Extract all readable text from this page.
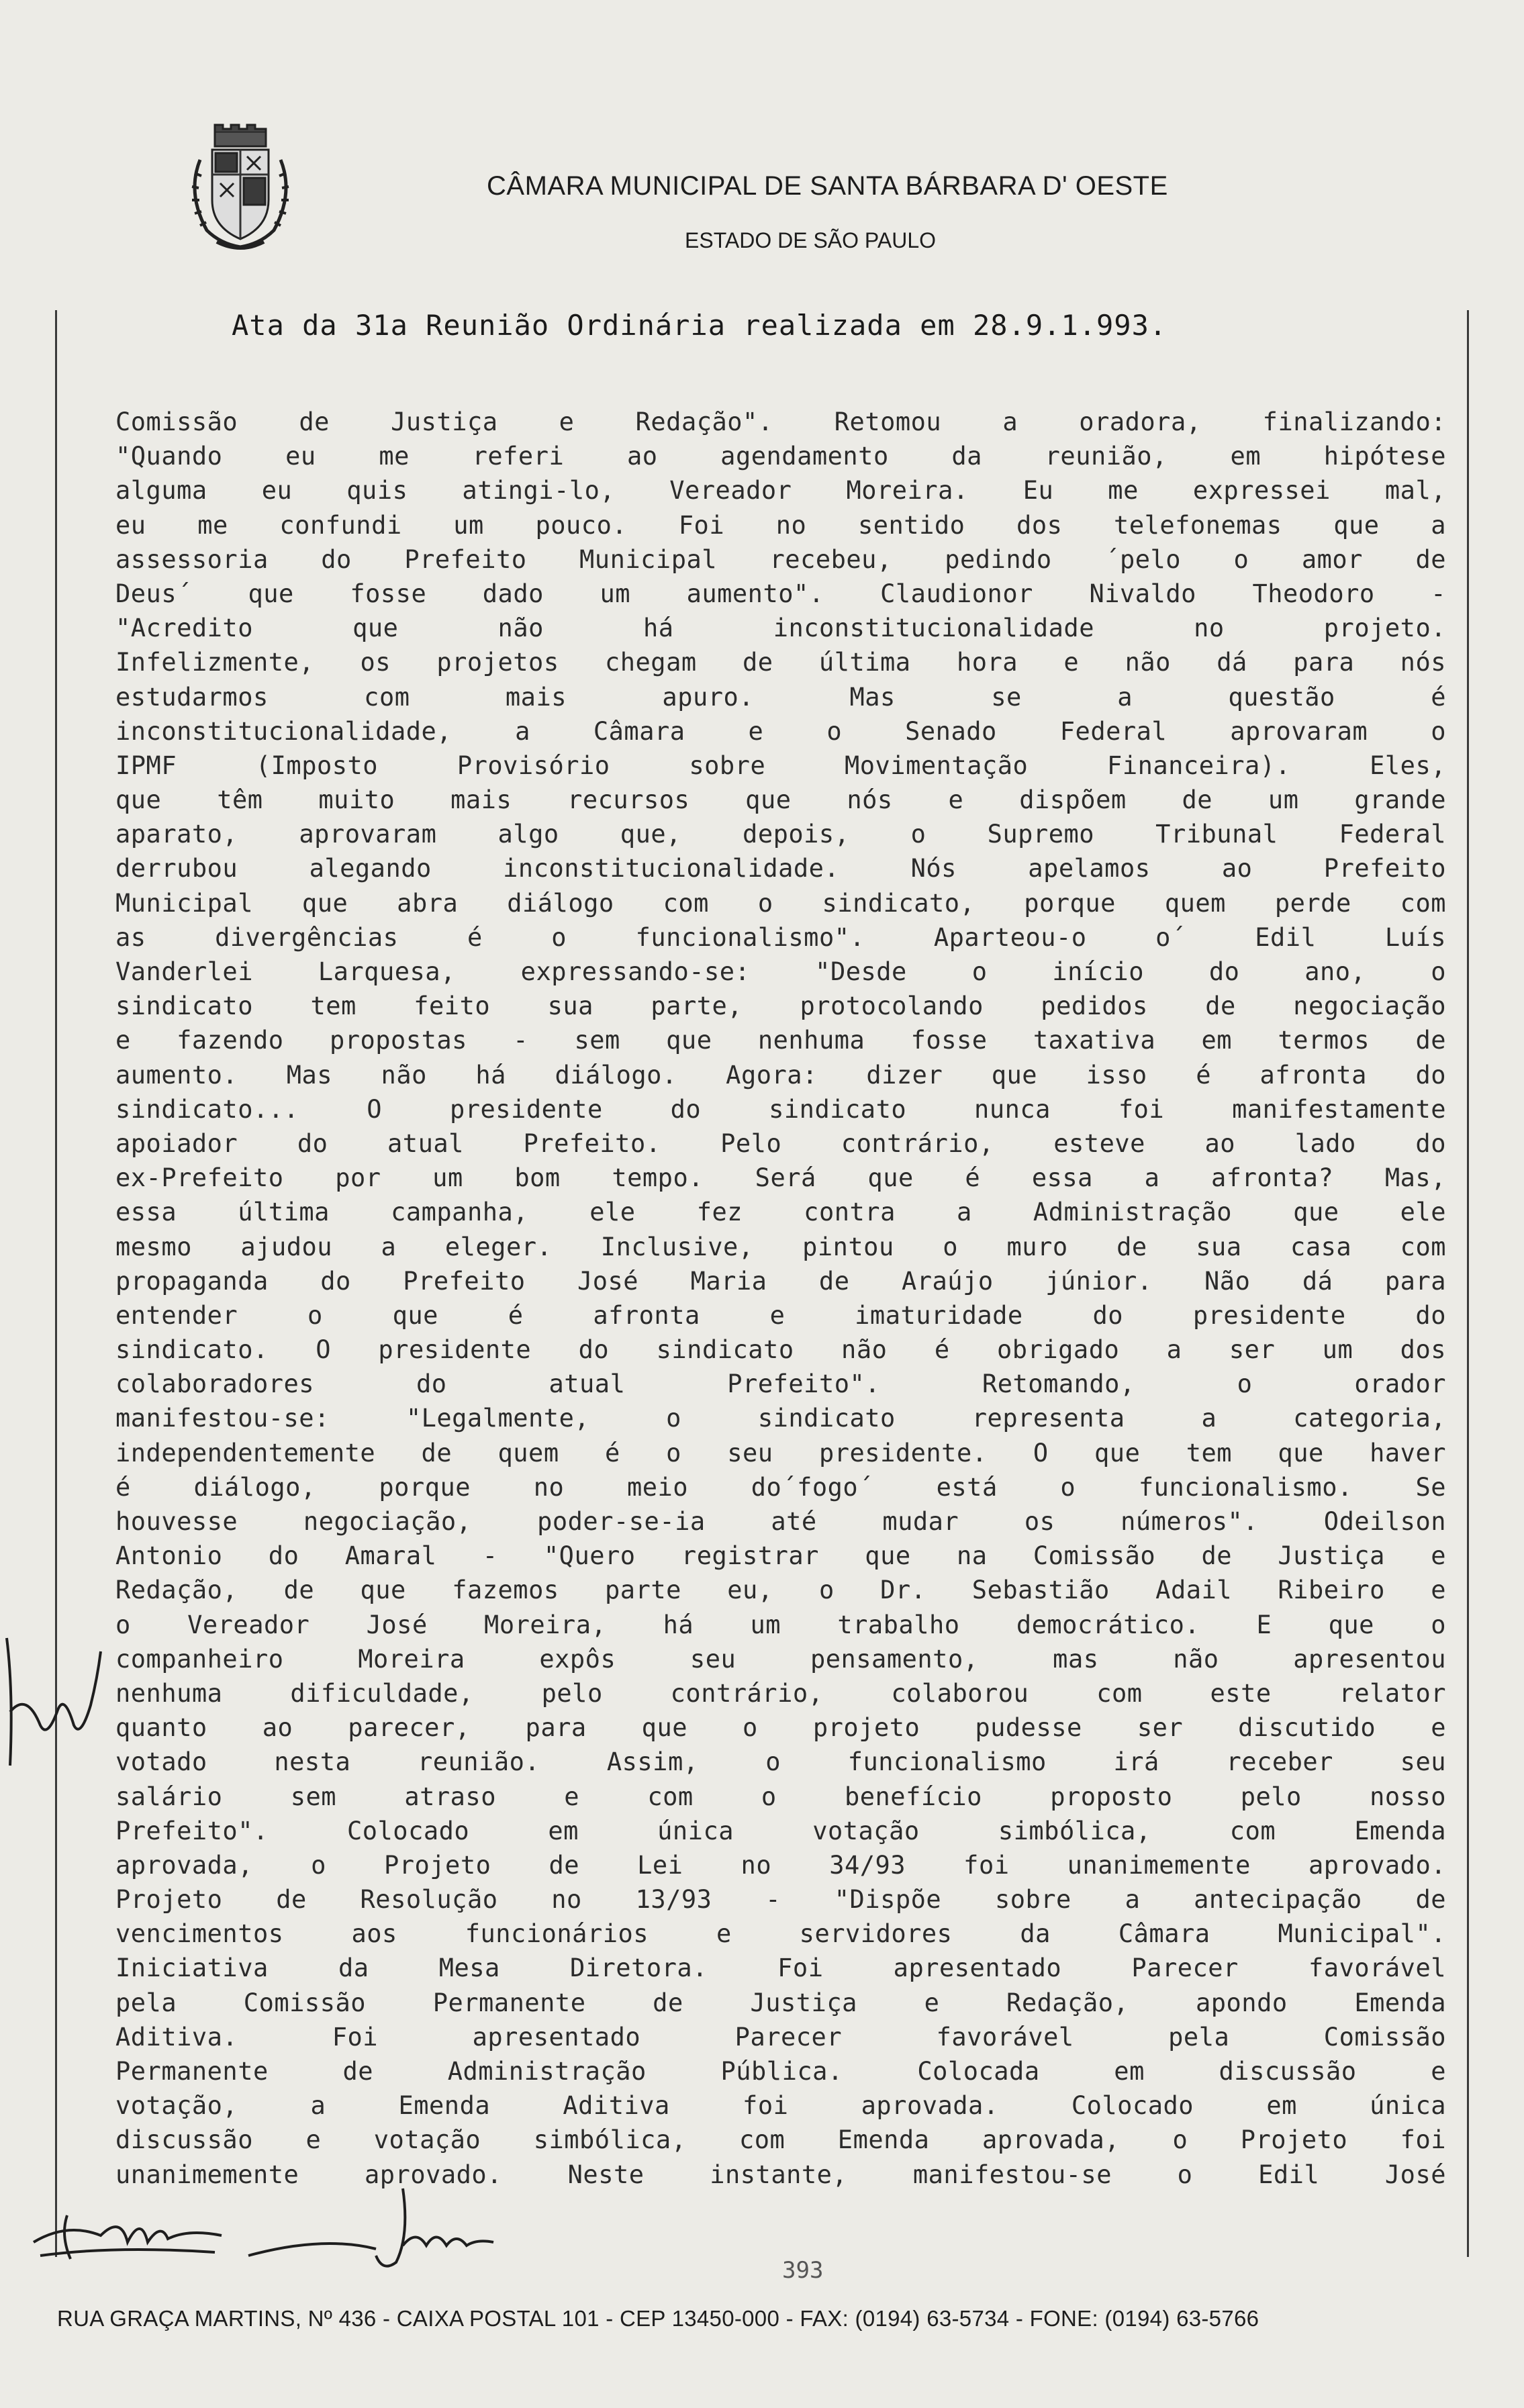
CÂMARA MUNICIPAL DE SANTA BÁRBARA D' OESTE
ESTADO DE SÃO PAULO
Ata da 31a Reunião Ordinária realizada em 28.9.1.993.
Comissão de Justiça e Redação". Retomou a oradora, finalizando:
"Quando eu me referi ao agendamento da reunião, em hipótese
alguma eu quis atingi-lo, Vereador Moreira. Eu me expressei mal,
eu me confundi um pouco. Foi no sentido dos telefonemas que a
assessoria do Prefeito Municipal recebeu, pedindo ´pelo o amor de
Deus´ que fosse dado um aumento". Claudionor Nivaldo Theodoro -
"Acredito que não há inconstitucionalidade no projeto.
Infelizmente, os projetos chegam de última hora e não dá para nós
estudarmos com mais apuro. Mas se a questão é
inconstitucionalidade, a Câmara e o Senado Federal aprovaram o
IPMF (Imposto Provisório sobre Movimentação Financeira). Eles,
que têm muito mais recursos que nós e dispõem de um grande
aparato, aprovaram algo que, depois, o Supremo Tribunal Federal
derrubou alegando inconstitucionalidade. Nós apelamos ao Prefeito
Municipal que abra diálogo com o sindicato, porque quem perde com
as divergências é o funcionalismo". Aparteou-o o´ Edil Luís
Vanderlei Larquesa, expressando-se: "Desde o início do ano, o
sindicato tem feito sua parte, protocolando pedidos de negociação
e fazendo propostas - sem que nenhuma fosse taxativa em termos de
aumento. Mas não há diálogo. Agora: dizer que isso é afronta do
sindicato... O presidente do sindicato nunca foi manifestamente
apoiador do atual Prefeito. Pelo contrário, esteve ao lado do
ex-Prefeito por um bom tempo. Será que é essa a afronta? Mas,
essa última campanha, ele fez contra a Administração que ele
mesmo ajudou a eleger. Inclusive, pintou o muro de sua casa com
propaganda do Prefeito José Maria de Araújo júnior. Não dá para
entender o que é afronta e imaturidade do presidente do
sindicato. O presidente do sindicato não é obrigado a ser um dos
colaboradores do atual Prefeito". Retomando, o orador
manifestou-se: "Legalmente, o sindicato representa a categoria,
independentemente de quem é o seu presidente. O que tem que haver
é diálogo, porque no meio do´fogo´ está o funcionalismo. Se
houvesse negociação, poder-se-ia até mudar os números". Odeilson
Antonio do Amaral - "Quero registrar que na Comissão de Justiça e
Redação, de que fazemos parte eu, o Dr. Sebastião Adail Ribeiro e
o Vereador José Moreira, há um trabalho democrático. E que o
companheiro Moreira expôs seu pensamento, mas não apresentou
nenhuma dificuldade, pelo contrário, colaborou com este relator
quanto ao parecer, para que o projeto pudesse ser discutido e
votado nesta reunião. Assim, o funcionalismo irá receber seu
salário sem atraso e com o benefício proposto pelo nosso
Prefeito". Colocado em única votação simbólica, com Emenda
aprovada, o Projeto de Lei no 34/93 foi unanimemente aprovado.
Projeto de Resolução no 13/93 - "Dispõe sobre a antecipação de
vencimentos aos funcionários e servidores da Câmara Municipal".
Iniciativa da Mesa Diretora. Foi apresentado Parecer favorável
pela Comissão Permanente de Justiça e Redação, apondo Emenda
Aditiva. Foi apresentado Parecer favorável pela Comissão
Permanente de Administração Pública. Colocada em discussão e
votação, a Emenda Aditiva foi aprovada. Colocado em única
discussão e votação simbólica, com Emenda aprovada, o Projeto foi
unanimemente aprovado. Neste instante, manifestou-se o Edil José
393
RUA GRAÇA MARTINS, Nº 436 - CAIXA POSTAL 101 - CEP 13450-000 - FAX: (0194) 63-5734 - FONE: (0194) 63-5766
